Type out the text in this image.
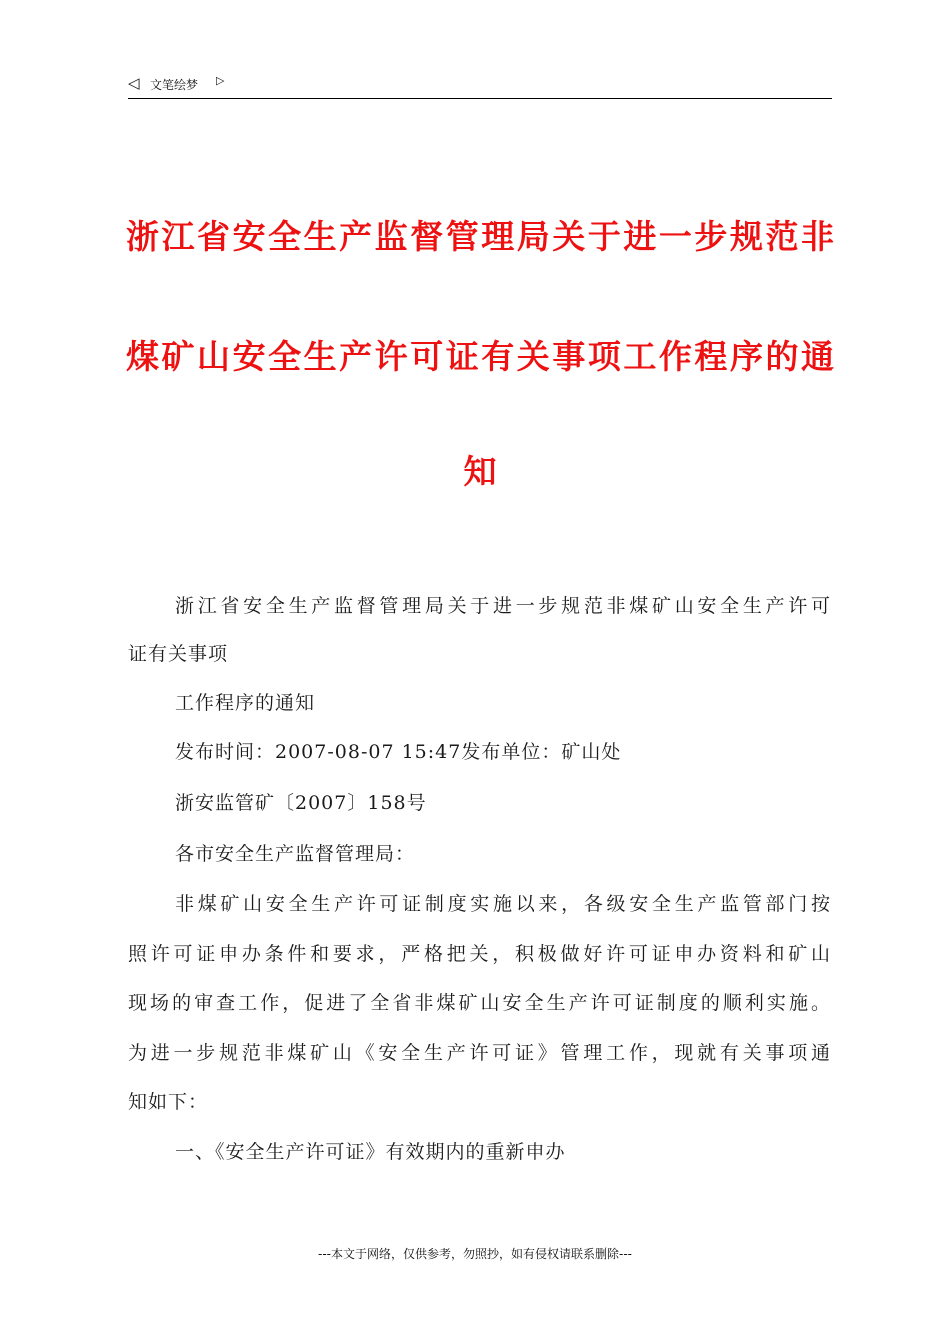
◁ 文笔绘梦 ▷
浙江省安全生产监督管理局关于进一步规范非
煤矿山安全生产许可证有关事项工作程序的通
知
浙江省安全生产监督管理局关于进一步规范非煤矿山安全生产许可
证有关事项
工作程序的通知
发布时间：2007-08-07 15:47发布单位：矿山处
浙安监管矿〔2007〕158号
各市安全生产监督管理局：
非煤矿山安全生产许可证制度实施以来，各级安全生产监管部门按
照许可证申办条件和要求，严格把关，积极做好许可证申办资料和矿山
现场的审查工作，促进了全省非煤矿山安全生产许可证制度的顺利实施。
为进一步规范非煤矿山《安全生产许可证》管理工作，现就有关事项通
知如下：
一、《安全生产许可证》有效期内的重新申办
---本文于网络，仅供参考，勿照抄，如有侵权请联系删除---
